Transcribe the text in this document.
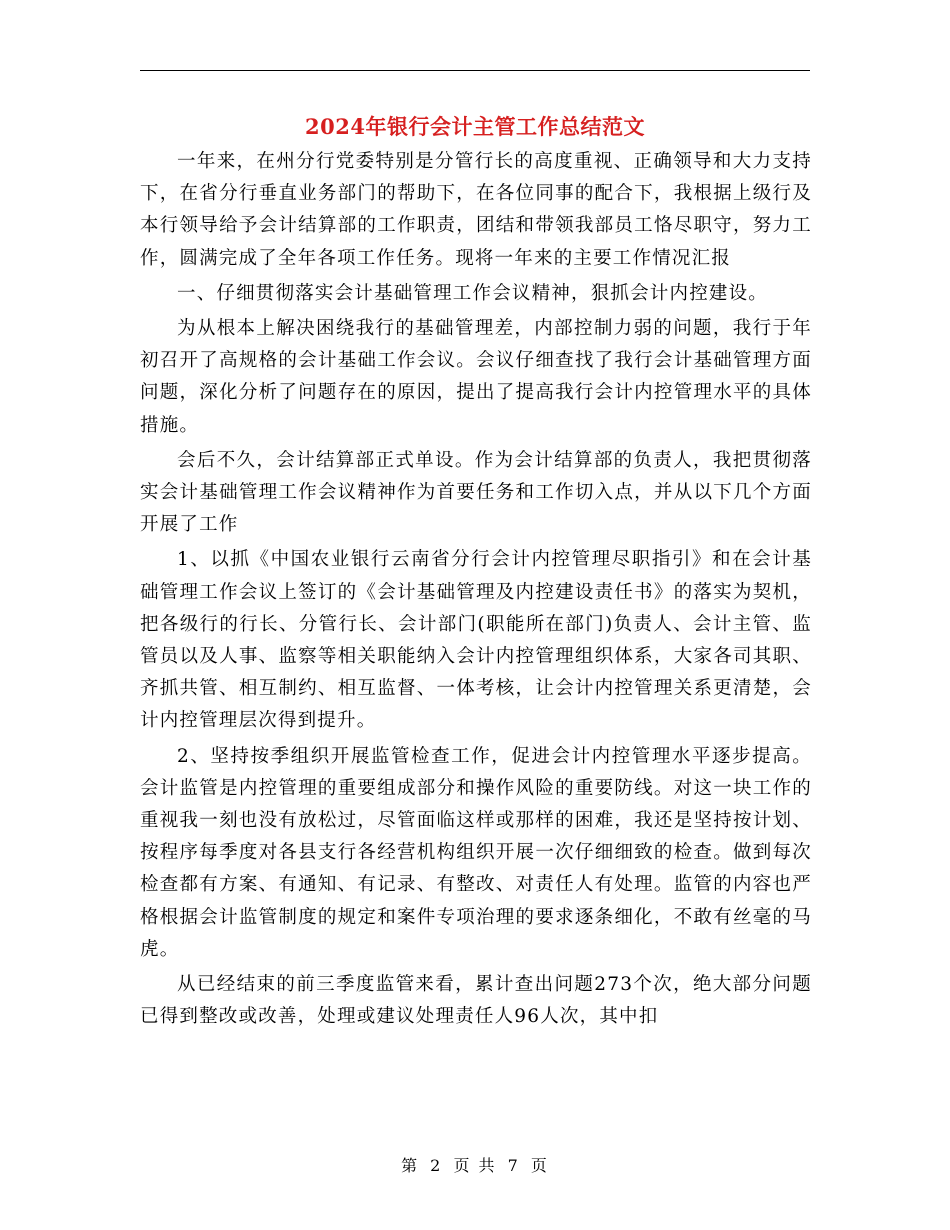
2024年银行会计主管工作总结范文

一年来，在州分行党委特别是分管行长的高度重视、正确领导和大力支持下，在省分行垂直业务部门的帮助下，在各位同事的配合下，我根据上级行及本行领导给予会计结算部的工作职责，团结和带领我部员工恪尽职守，努力工作，圆满完成了全年各项工作任务。现将一年来的主要工作情况汇报

一、仔细贯彻落实会计基础管理工作会议精神，狠抓会计内控建设。

为从根本上解决困绕我行的基础管理差，内部控制力弱的问题，我行于年初召开了高规格的会计基础工作会议。会议仔细查找了我行会计基础管理方面问题，深化分析了问题存在的原因，提出了提高我行会计内控管理水平的具体措施。

会后不久，会计结算部正式单设。作为会计结算部的负责人，我把贯彻落实会计基础管理工作会议精神作为首要任务和工作切入点，并从以下几个方面开展了工作

1、以抓《中国农业银行云南省分行会计内控管理尽职指引》和在会计基础管理工作会议上签订的《会计基础管理及内控建设责任书》的落实为契机，把各级行的行长、分管行长、会计部门(职能所在部门)负责人、会计主管、监管员以及人事、监察等相关职能纳入会计内控管理组织体系，大家各司其职、齐抓共管、相互制约、相互监督、一体考核，让会计内控管理关系更清楚，会计内控管理层次得到提升。

2、坚持按季组织开展监管检查工作，促进会计内控管理水平逐步提高。会计监管是内控管理的重要组成部分和操作风险的重要防线。对这一块工作的重视我一刻也没有放松过，尽管面临这样或那样的困难，我还是坚持按计划、按程序每季度对各县支行各经营机构组织开展一次仔细细致的检查。做到每次检查都有方案、有通知、有记录、有整改、对责任人有处理。监管的内容也严格根据会计监管制度的规定和案件专项治理的要求逐条细化，不敢有丝毫的马虎。

从已经结束的前三季度监管来看，累计查出问题273个次，绝大部分问题已得到整改或改善，处理或建议处理责任人96人次，其中扣

第 2 页 共 7 页
